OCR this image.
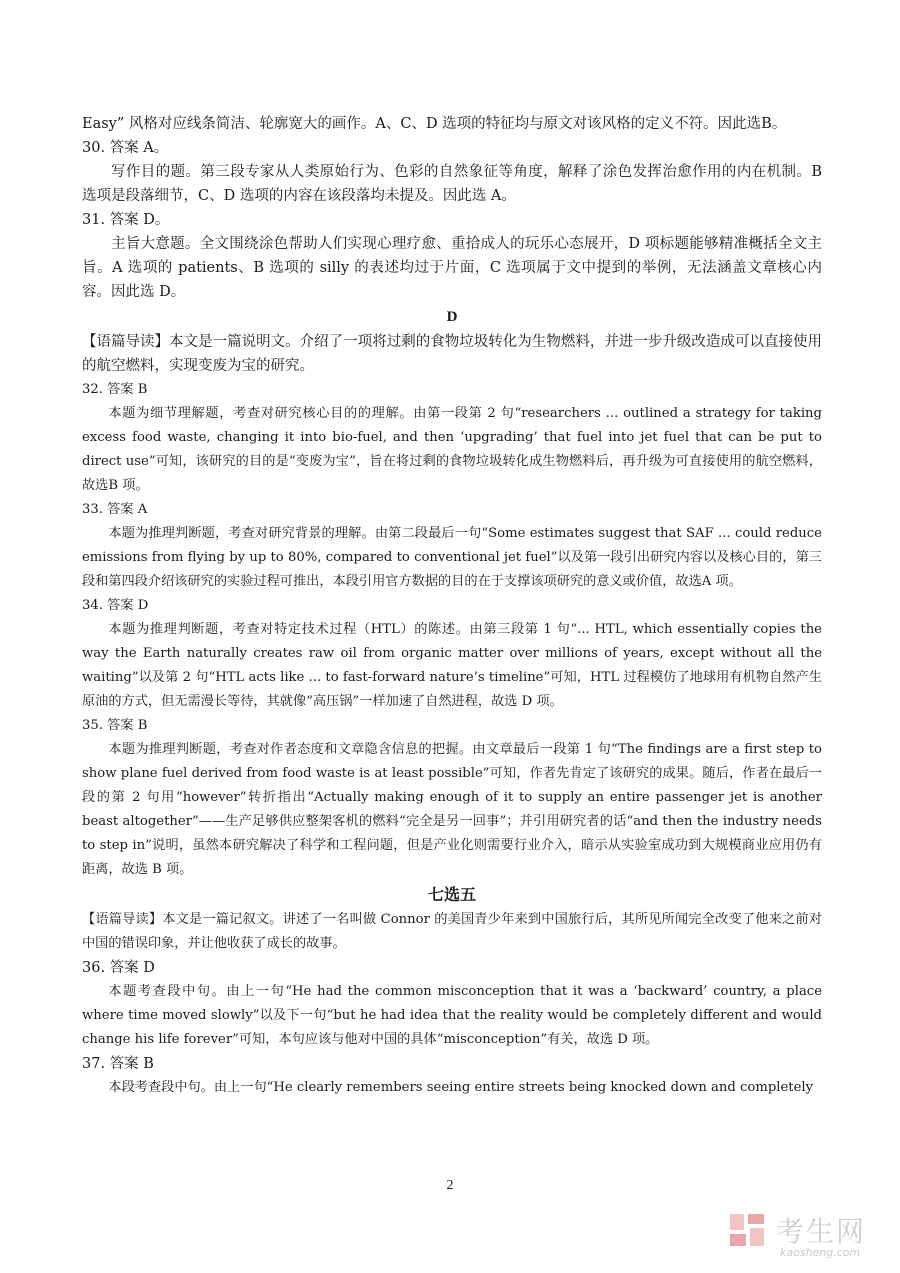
Easy” 风格对应线条简洁、轮廓宽大的画作。A、C、D 选项的特征均与原文对该风格的定义不符。因此选B。

30. 答案 A。

写作目的题。第三段专家从人类原始行为、色彩的自然象征等角度，解释了涂色发挥治愈作用的内在机制。B 选项是段落细节，C、D 选项的内容在该段落均未提及。因此选 A。

31. 答案 D。

主旨大意题。全文围绕涂色帮助人们实现心理疗愈、重拾成人的玩乐心态展开，D 项标题能够精准概括全文主旨。A 选项的 patients、B 选项的 silly 的表述均过于片面，C 选项属于文中提到的举例，无法涵盖文章核心内容。因此选 D。

D

【语篇导读】本文是一篇说明文。介绍了一项将过剩的食物垃圾转化为生物燃料，并进一步升级改造成可以直接使用的航空燃料，实现变废为宝的研究。

32. 答案 B

本题为细节理解题，考查对研究核心目的的理解。由第一段第 2 句“researchers ... outlined a strategy for taking excess food waste, changing it into bio-fuel, and then ‘upgrading’ that fuel into jet fuel that can be put to direct use”可知，该研究的目的是“变废为宝”，旨在将过剩的食物垃圾转化成生物燃料后，再升级为可直接使用的航空燃料，故选B 项。

33. 答案 A

本题为推理判断题，考查对研究背景的理解。由第二段最后一句“Some estimates suggest that SAF ... could reduce emissions from flying by up to 80%, compared to conventional jet fuel”以及第一段引出研究内容以及核心目的，第三段和第四段介绍该研究的实验过程可推出，本段引用官方数据的目的在于支撑该项研究的意义或价值，故选A 项。

34. 答案 D

本题为推理判断题，考查对特定技术过程（HTL）的陈述。由第三段第 1 句“... HTL, which essentially copies the way the Earth naturally creates raw oil from organic matter over millions of years, except without all the waiting”以及第 2 句“HTL acts like ... to fast-forward nature’s timeline”可知，HTL 过程模仿了地球用有机物自然产生原油的方式，但无需漫长等待，其就像“高压锅”一样加速了自然进程，故选 D 项。

35. 答案 B

本题为推理判断题，考查对作者态度和文章隐含信息的把握。由文章最后一段第 1 句“The findings are a first step to show plane fuel derived from food waste is at least possible”可知，作者先肯定了该研究的成果。随后，作者在最后一段的第 2 句用“however”转折指出“Actually making enough of it to supply an entire passenger jet is another beast altogether”——生产足够供应整架客机的燃料“完全是另一回事”；并引用研究者的话“and then the industry needs to step in”说明，虽然本研究解决了科学和工程问题，但是产业化则需要行业介入，暗示从实验室成功到大规模商业应用仍有距离，故选 B 项。

七选五

【语篇导读】本文是一篇记叙文。讲述了一名叫做 Connor 的美国青少年来到中国旅行后，其所见所闻完全改变了他来之前对中国的错误印象，并让他收获了成长的故事。

36. 答案 D

本题考查段中句。由上一句“He had the common misconception that it was a ‘backward’ country, a place where time moved slowly”以及下一句“but he had idea that the reality would be completely different and would change his life forever”可知，本句应该与他对中国的具体“misconception”有关，故选 D 项。

37. 答案 B

本段考查段中句。由上一句“He clearly remembers seeing entire streets being knocked down and completely

2
考生网
kaosheng.com
